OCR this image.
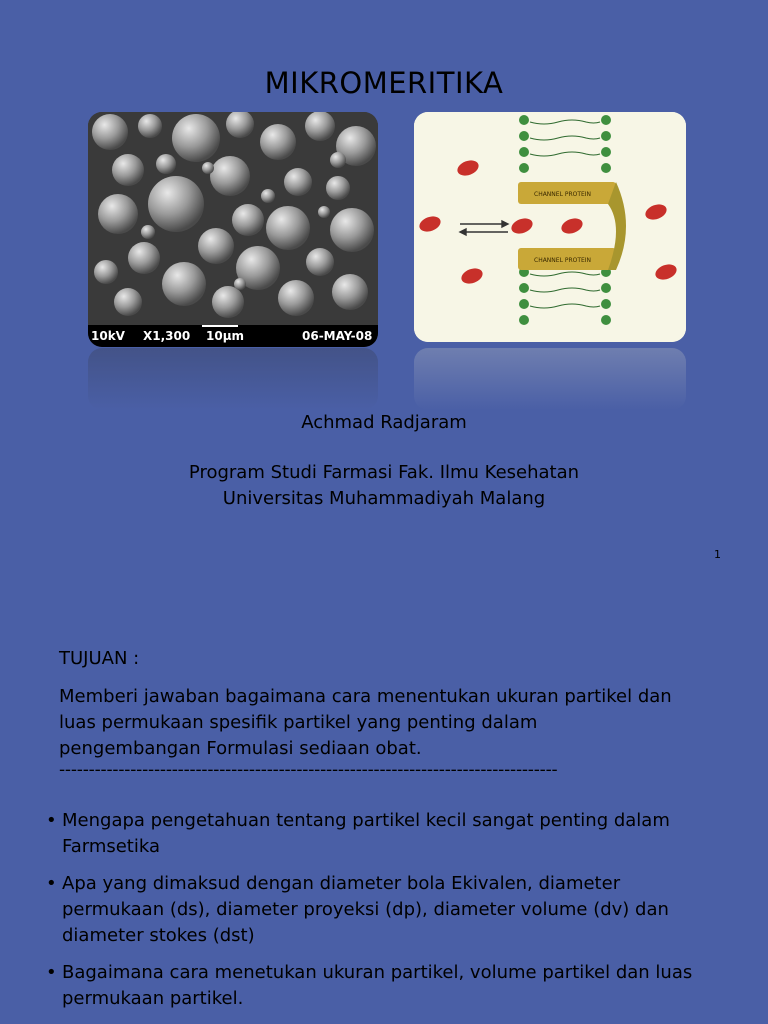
MIKROMERITIKA
10kV X1,300 10μm	06-MAY-08
CHANNEL PROTEIN
CHANNEL PROTEIN
Achmad Radjaram
Program Studi Farmasi Fak. Ilmu Kesehatan
Universitas Muhammadiyah Malang
1
TUJUAN :
Memberi jawaban bagaimana cara menentukan ukuran partikel dan
luas permukaan spesifik partikel yang penting dalam
pengembangan Formulasi sediaan obat.
------------------------------------------------------------------------------------
• Mengapa pengetahuan tentang partikel kecil sangat penting dalam
Farmsetika
• Apa yang dimaksud dengan diameter bola Ekivalen, diameter
permukaan (ds), diameter proyeksi (dp), diameter volume (dv) dan
diameter stokes (dst)
• Bagaimana cara menetukan ukuran partikel, volume partikel dan luas
permukaan partikel.
